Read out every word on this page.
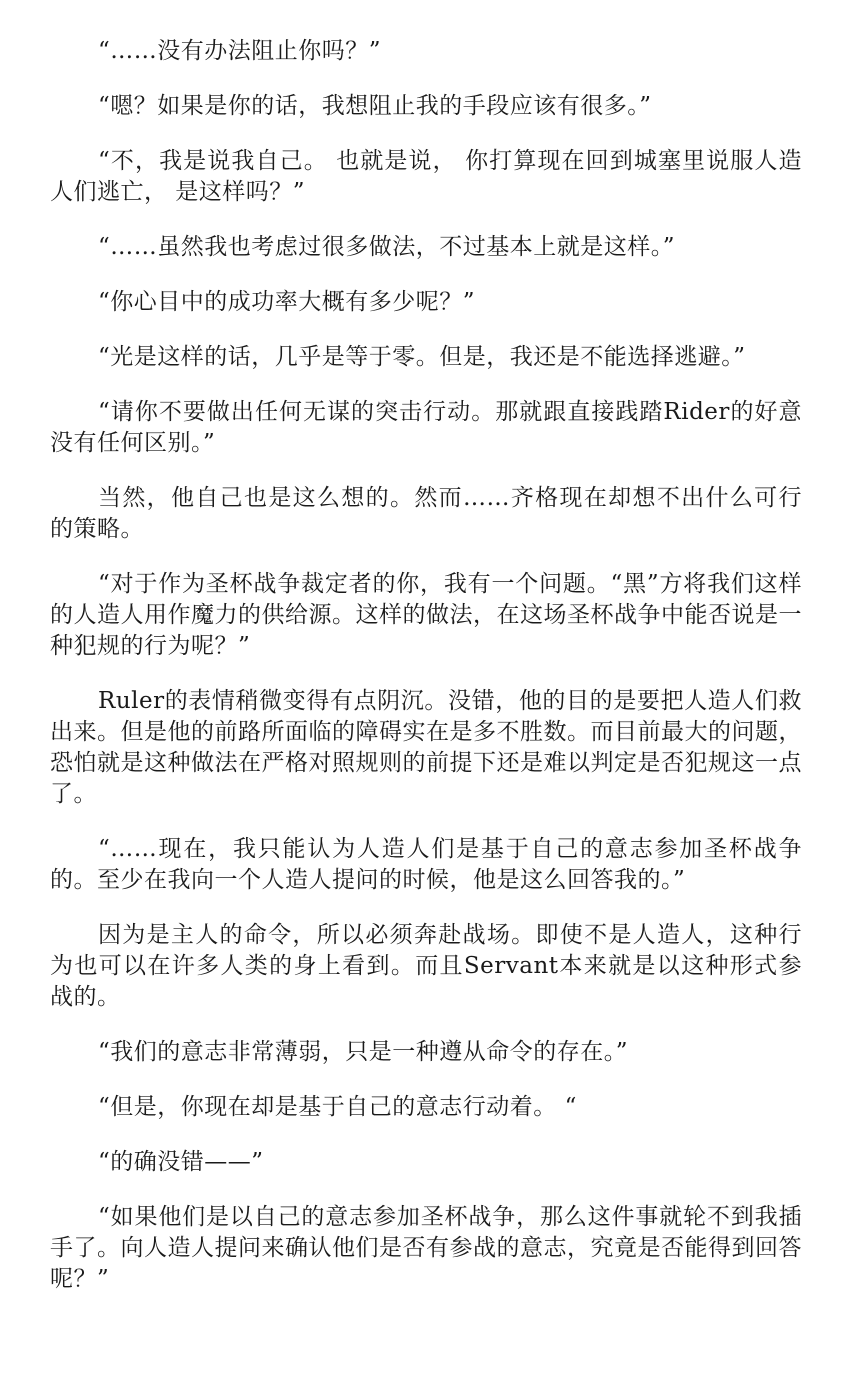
“……没有办法阻止你吗？”

“嗯？如果是你的话，我想阻止我的手段应该有很多。”

“不，我是说我自己。 也就是说， 你打算现在回到城塞里说服人造人们逃亡， 是这样吗？”

“……虽然我也考虑过很多做法，不过基本上就是这样。”

“你心目中的成功率大概有多少呢？”

“光是这样的话，几乎是等于零。但是，我还是不能选择逃避。”

“请你不要做出任何无谋的突击行动。那就跟直接践踏Rider的好意没有任何区别。”

当然，他自己也是这么想的。然而……齐格现在却想不出什么可行的策略。

“对于作为圣杯战争裁定者的你，我有一个问题。“黑”方将我们这样的人造人用作魔力的供给源。这样的做法，在这场圣杯战争中能否说是一种犯规的行为呢？”

Ruler的表情稍微变得有点阴沉。没错，他的目的是要把人造人们救出来。但是他的前路所面临的障碍实在是多不胜数。而目前最大的问题，恐怕就是这种做法在严格对照规则的前提下还是难以判定是否犯规这一点了。

“……现在，我只能认为人造人们是基于自己的意志参加圣杯战争的。至少在我向一个人造人提问的时候，他是这么回答我的。”

因为是主人的命令，所以必须奔赴战场。即使不是人造人，这种行为也可以在许多人类的身上看到。而且Servant本来就是以这种形式参战的。

“我们的意志非常薄弱，只是一种遵从命令的存在。”

“但是，你现在却是基于自己的意志行动着。 “

“的确没错——”

“如果他们是以自己的意志参加圣杯战争，那么这件事就轮不到我插手了。向人造人提问来确认他们是否有参战的意志，究竟是否能得到回答呢？”
